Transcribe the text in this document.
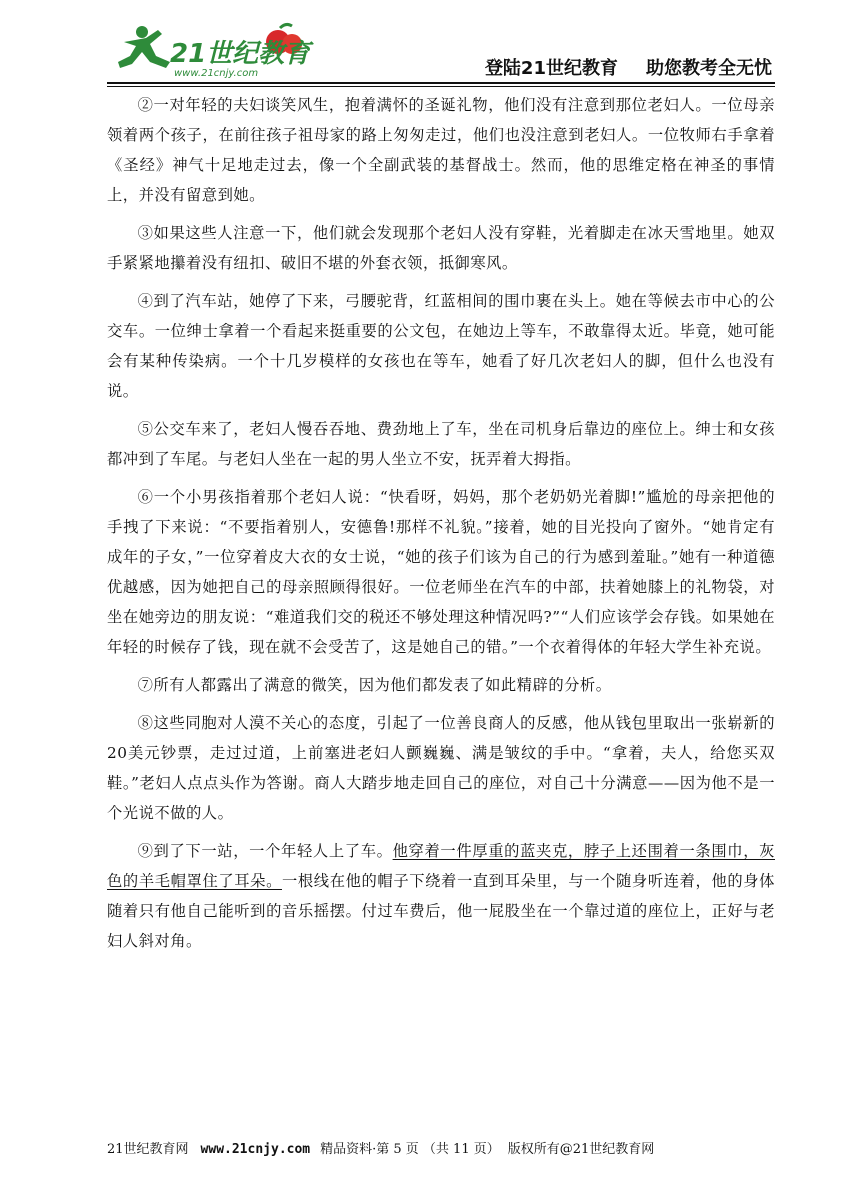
21世纪教育
www.21cnjy.com	登陆21世纪教育 助您教考全无忧

②一对年轻的夫妇谈笑风生，抱着满怀的圣诞礼物，他们没有注意到那位老妇人。一位母亲领着两个孩子，在前往孩子祖母家的路上匆匆走过，他们也没注意到老妇人。一位牧师右手拿着《圣经》神气十足地走过去，像一个全副武装的基督战士。然而，他的思维定格在神圣的事情上，并没有留意到她。

③如果这些人注意一下，他们就会发现那个老妇人没有穿鞋，光着脚走在冰天雪地里。她双手紧紧地攥着没有纽扣、破旧不堪的外套衣领，抵御寒风。

④到了汽车站，她停了下来，弓腰驼背，红蓝相间的围巾裹在头上。她在等候去市中心的公交车。一位绅士拿着一个看起来挺重要的公文包，在她边上等车，不敢靠得太近。毕竟，她可能会有某种传染病。一个十几岁模样的女孩也在等车，她看了好几次老妇人的脚，但什么也没有说。

⑤公交车来了，老妇人慢吞吞地、费劲地上了车，坐在司机身后靠边的座位上。绅士和女孩都冲到了车尾。与老妇人坐在一起的男人坐立不安，抚弄着大拇指。

⑥一个小男孩指着那个老妇人说：“快看呀，妈妈，那个老奶奶光着脚!”尴尬的母亲把他的手拽了下来说：“不要指着别人，安德鲁!那样不礼貌。”接着，她的目光投向了窗外。“她肯定有成年的子女，”一位穿着皮大衣的女士说，“她的孩子们该为自己的行为感到羞耻。”她有一种道德优越感，因为她把自己的母亲照顾得很好。一位老师坐在汽车的中部，扶着她膝上的礼物袋，对坐在她旁边的朋友说：“难道我们交的税还不够处理这种情况吗?”“人们应该学会存钱。如果她在年轻的时候存了钱，现在就不会受苦了，这是她自己的错。”一个衣着得体的年轻大学生补充说。

⑦所有人都露出了满意的微笑，因为他们都发表了如此精辟的分析。

⑧这些同胞对人漠不关心的态度，引起了一位善良商人的反感，他从钱包里取出一张崭新的20美元钞票，走过过道，上前塞进老妇人颤巍巍、满是皱纹的手中。“拿着，夫人，给您买双鞋。”老妇人点点头作为答谢。商人大踏步地走回自己的座位，对自己十分满意——因为他不是一个光说不做的人。

⑨到了下一站，一个年轻人上了车。他穿着一件厚重的蓝夹克，脖子上还围着一条围巾，灰色的羊毛帽罩住了耳朵。一根线在他的帽子下绕着一直到耳朵里，与一个随身听连着，他的身体随着只有他自己能听到的音乐摇摆。付过车费后，他一屁股坐在一个靠过道的座位上，正好与老妇人斜对角。

21世纪教育网 www.21cnjy.com 精品资料·第 5 页 （共 11 页） 版权所有@21世纪教育网
